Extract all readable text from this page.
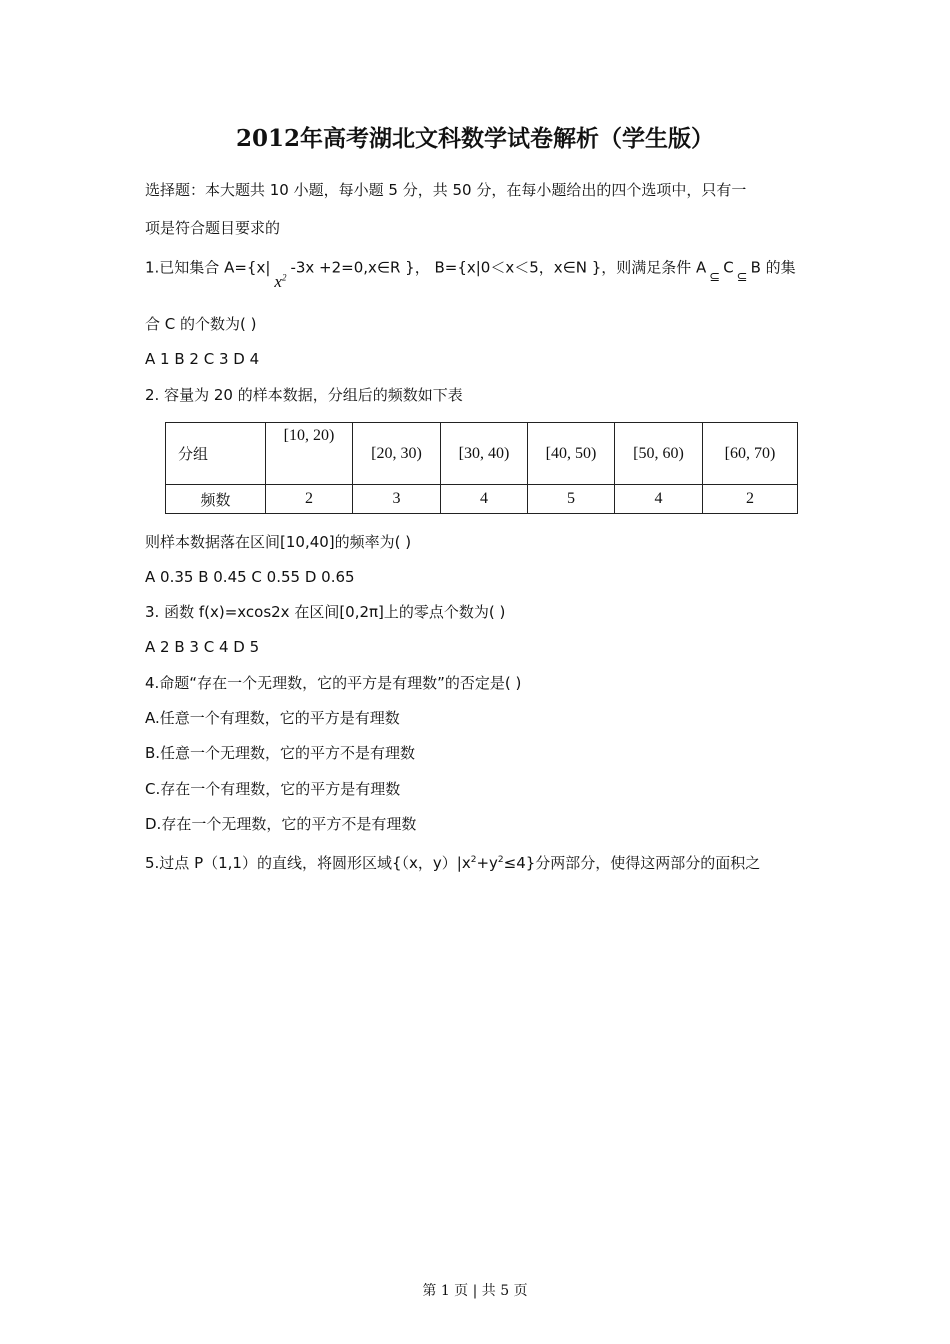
2012年高考湖北文科数学试卷解析（学生版）
选择题：本大题共 10 小题，每小题 5 分，共 50 分，在每小题给出的四个选项中，只有一
项是符合题目要求的
1.已知集合 $A=\{x|x^2-3x$ +2=0,x∈R }， B={x|0＜x＜5，x∈N }，则满足条件 A⊆C⊆B 的集
合 C 的个数为( )
A 1 B 2 C 3 D 4
2. 容量为 20 的样本数据，分组后的频数如下表
分组	[10, 20)	[20, 30)	[30, 40)	[40, 50)	[50, 60)	[60, 70)
频数	2	3	4	5	4	2
则样本数据落在区间[10,40]的频率为( )
A 0.35 B 0.45 C 0.55 D 0.65
3. 函数 f(x)=xcos2x 在区间[0,2π]上的零点个数为( )
A 2 B 3 C 4 D 5
4.命题“存在一个无理数，它的平方是有理数”的否定是( )
A.任意一个有理数，它的平方是有理数
B.任意一个无理数，它的平方不是有理数
C.存在一个有理数，它的平方是有理数
D.存在一个无理数，它的平方不是有理数
5.过点 P（1,1）的直线，将圆形区域{（x，$y)|x^2+y^2\le 4$}分两部分，使得这两部分的面积之
第 1 页 | 共 5 页
